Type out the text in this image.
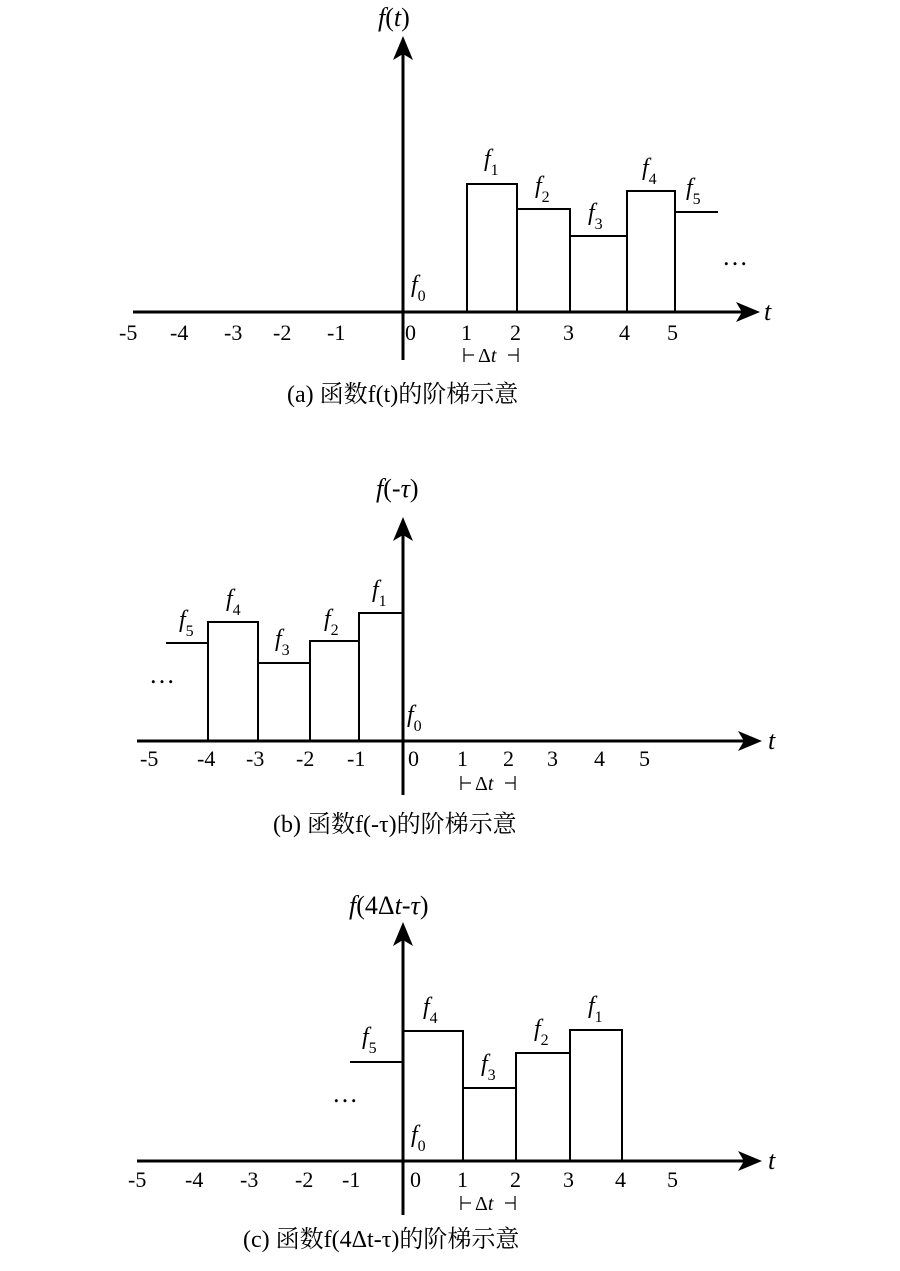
$f_1$
$f_2$
$f_3$
$f_4$ $f_5$
$f_0$
…
f(t)
t
-5 -4 -3 -2 -1	0 1 2 3 4 5
Δt
(a) 函数f(t)的阶梯示意
$f_5$
$f_4$
$f_3$
$f_2$
$f_1$
$f_0$
…
f(-τ)
t
-5 -4 -3 -2 -1 0 1 2 3 4 5
Δt
(b) 函数f(-τ)的阶梯示意
$f_5$
$f_4$
$f_3$
$f_2$
$f_1$
$f_0$
…
f(4Δt-τ)
t
-5 -4 -3 -2 -1 0 1 2 3 4 5
Δt
(c) 函数f(4Δt-τ)的阶梯示意
